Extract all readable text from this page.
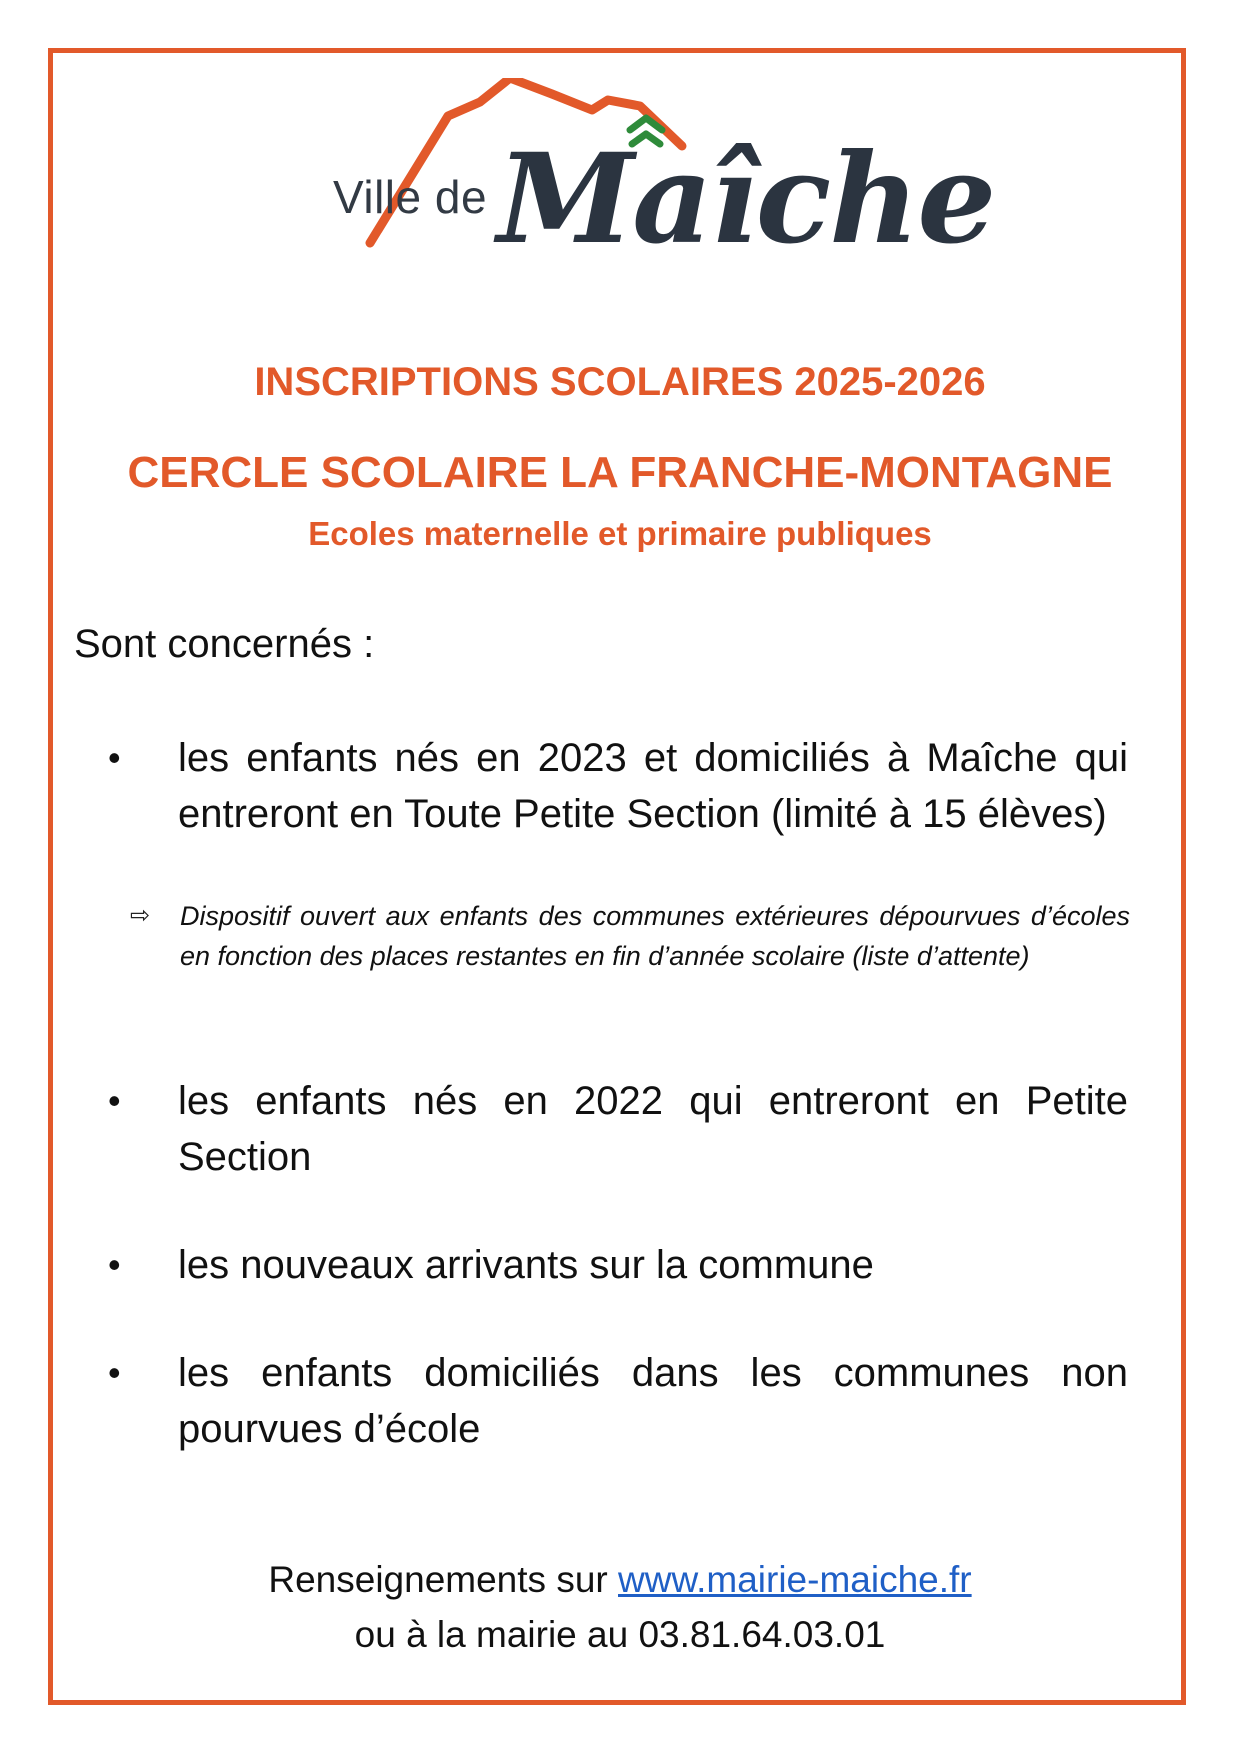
Ville de Maîche
INSCRIPTIONS SCOLAIRES 2025-2026
CERCLE SCOLAIRE LA FRANCHE-MONTAGNE
Ecoles maternelle et primaire publiques
Sont concernés :
•	les enfants nés en 2023 et domiciliés à Maîche qui entreront en Toute Petite Section (limité à 15 élèves)
⇨ Dispositif ouvert aux enfants des communes extérieures dépourvues d’écoles en fonction des places restantes en fin d’année scolaire (liste d’attente)
•	les enfants nés en 2022 qui entreront en Petite Section
•	les nouveaux arrivants sur la commune
•	les enfants domiciliés dans les communes non pourvues d’école
Renseignements sur www.mairie-maiche.fr
ou à la mairie au 03.81.64.03.01
